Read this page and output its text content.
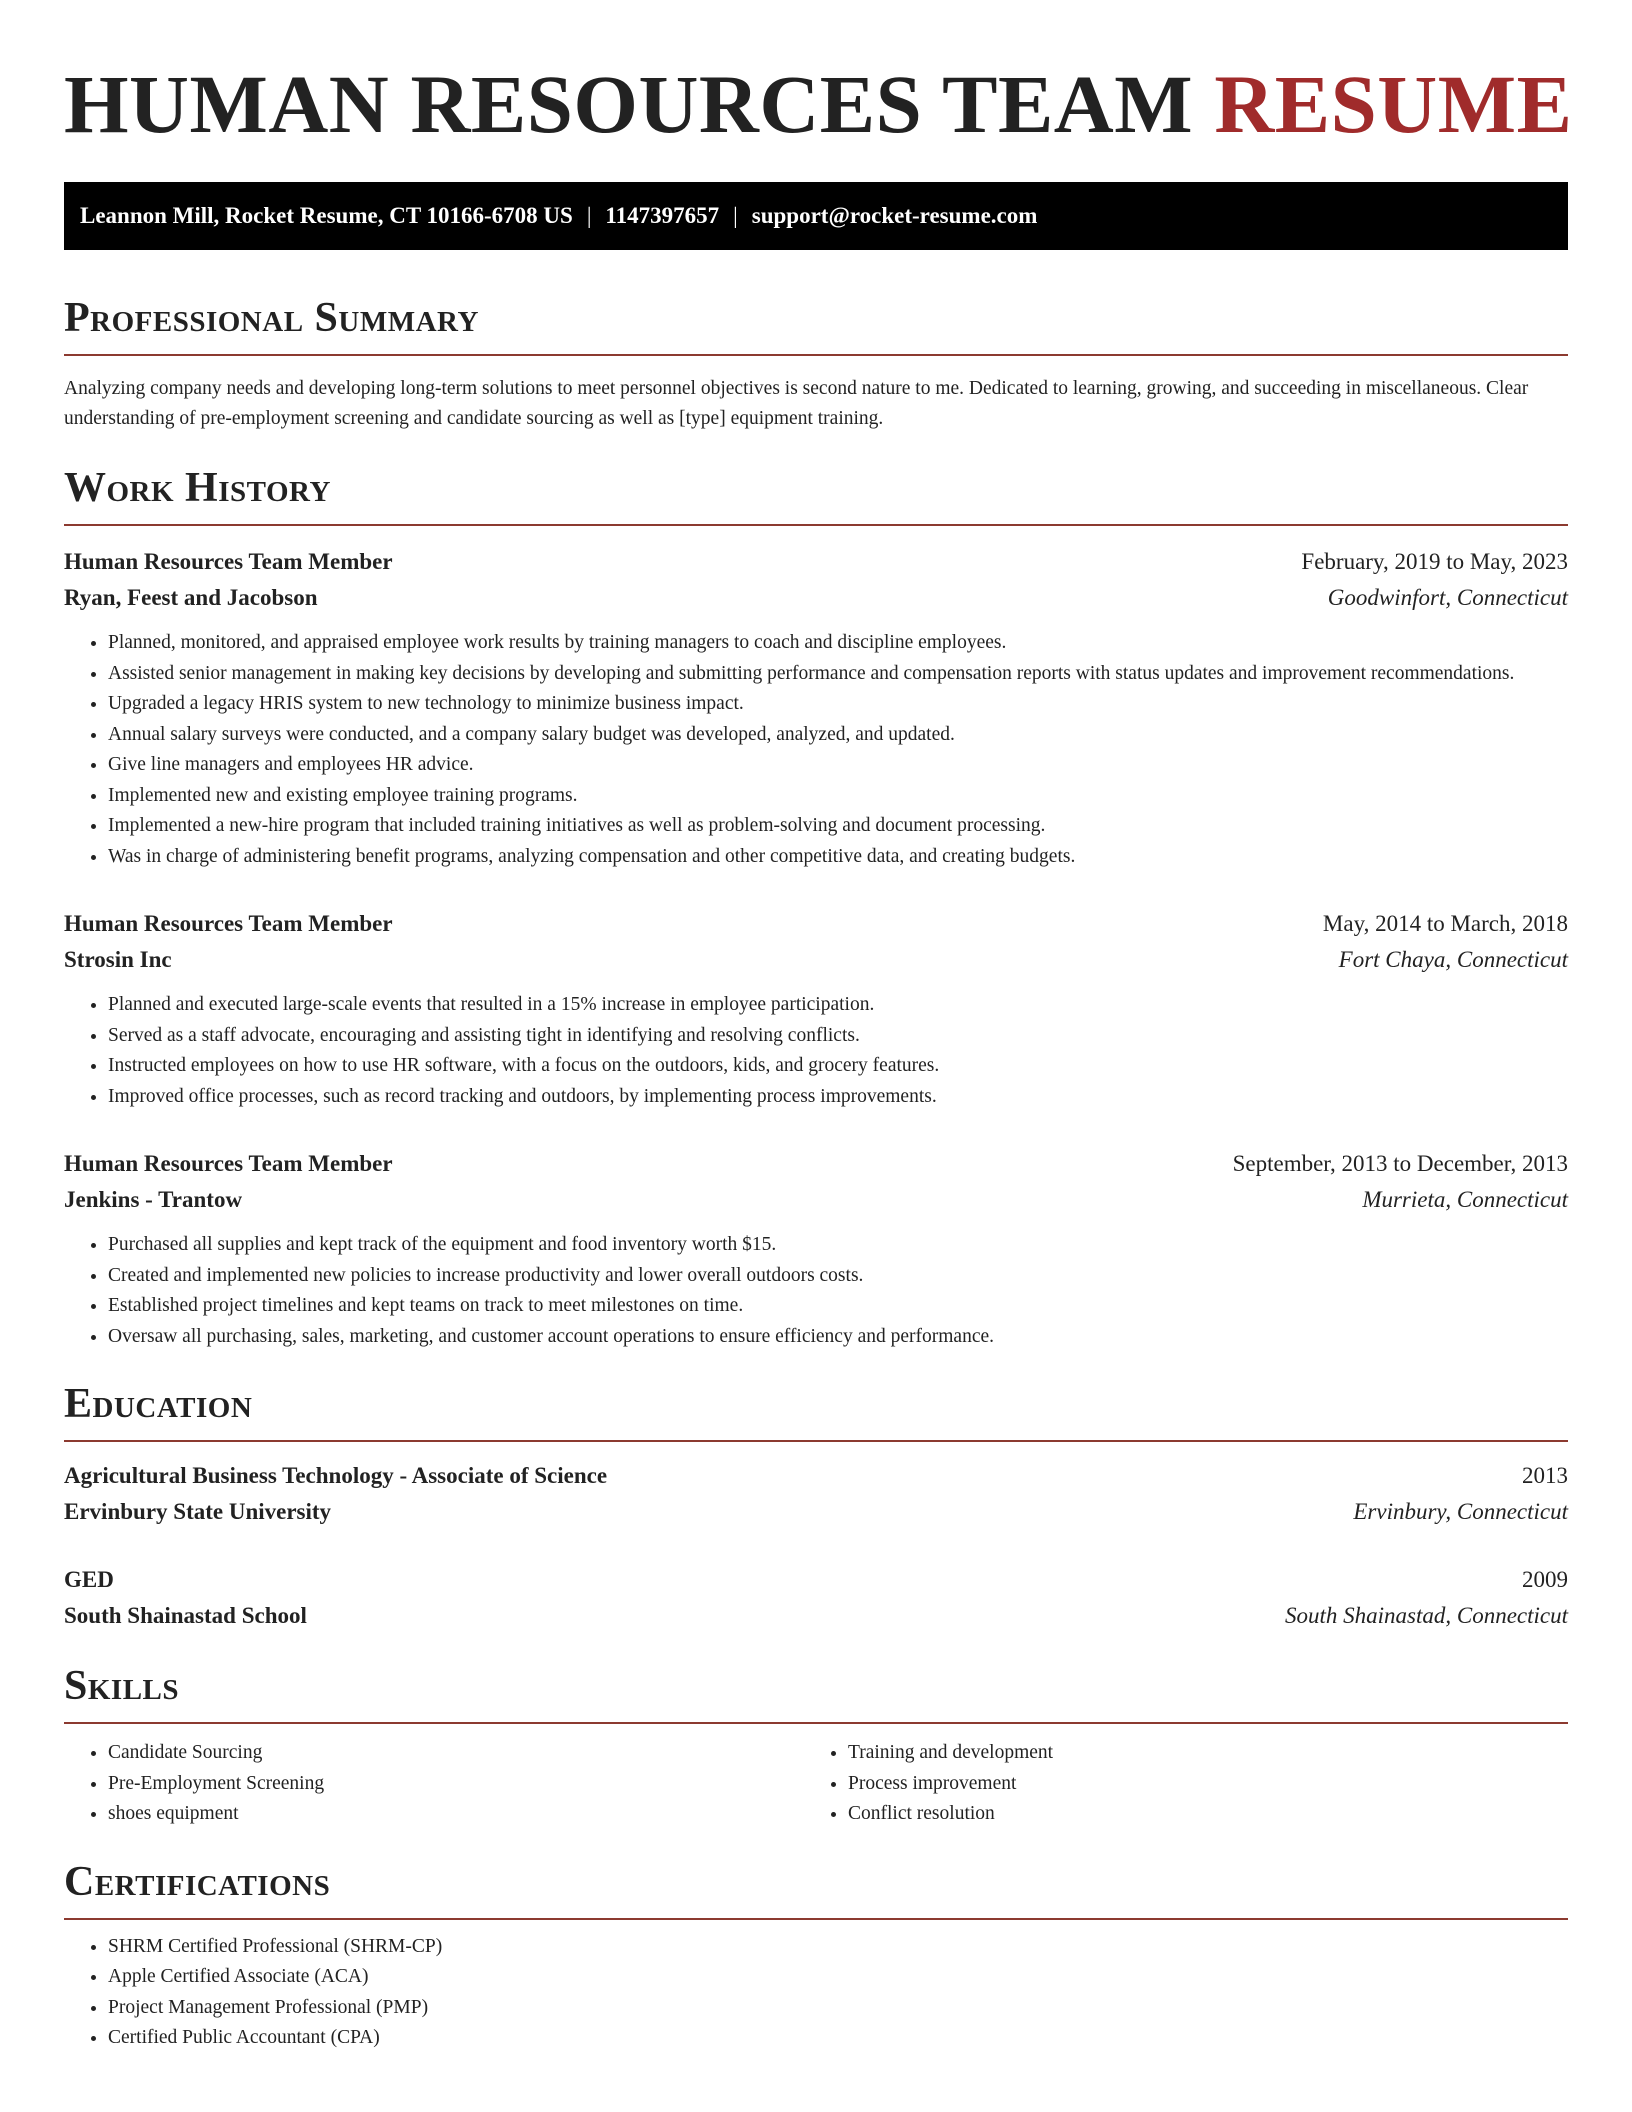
HUMAN RESOURCES TEAM RESUME
Leannon Mill, Rocket Resume, CT 10166-6708 US | 1147397657 | support@rocket-resume.com
Professional Summary

Analyzing company needs and developing long-term solutions to meet personnel objectives is second nature to me. Dedicated to learning, growing, and succeeding in miscellaneous. Clear understanding of pre-employment screening and candidate sourcing as well as [type] equipment training.

Work History
Human Resources Team Member	February, 2019 to May, 2023
Ryan, Feest and Jacobson	Goodwinfort, Connecticut
• Planned, monitored, and appraised employee work results by training managers to coach and discipline employees.
• Assisted senior management in making key decisions by developing and submitting performance and compensation reports with status updates and improvement recommendations.
• Upgraded a legacy HRIS system to new technology to minimize business impact.
• Annual salary surveys were conducted, and a company salary budget was developed, analyzed, and updated.
• Give line managers and employees HR advice.
• Implemented new and existing employee training programs.
• Implemented a new-hire program that included training initiatives as well as problem-solving and document processing.
• Was in charge of administering benefit programs, analyzing compensation and other competitive data, and creating budgets.
Human Resources Team Member	May, 2014 to March, 2018
Strosin Inc	Fort Chaya, Connecticut
• Planned and executed large-scale events that resulted in a 15% increase in employee participation.
• Served as a staff advocate, encouraging and assisting tight in identifying and resolving conflicts.
• Instructed employees on how to use HR software, with a focus on the outdoors, kids, and grocery features.
• Improved office processes, such as record tracking and outdoors, by implementing process improvements.
Human Resources Team Member	September, 2013 to December, 2013
Jenkins - Trantow	Murrieta, Connecticut
• Purchased all supplies and kept track of the equipment and food inventory worth $15.
• Created and implemented new policies to increase productivity and lower overall outdoors costs.
• Established project timelines and kept teams on track to meet milestones on time.
• Oversaw all purchasing, sales, marketing, and customer account operations to ensure efficiency and performance.
Education
Agricultural Business Technology - Associate of Science	2013
Ervinbury State University	Ervinbury, Connecticut
GED	2009
South Shainastad School	South Shainastad, Connecticut
Skills
• Candidate Sourcing
• Pre-Employment Screening
• shoes equipment
• Training and development
• Process improvement
• Conflict resolution
Certifications
• SHRM Certified Professional (SHRM-CP)
• Apple Certified Associate (ACA)
• Project Management Professional (PMP)
• Certified Public Accountant (CPA)
